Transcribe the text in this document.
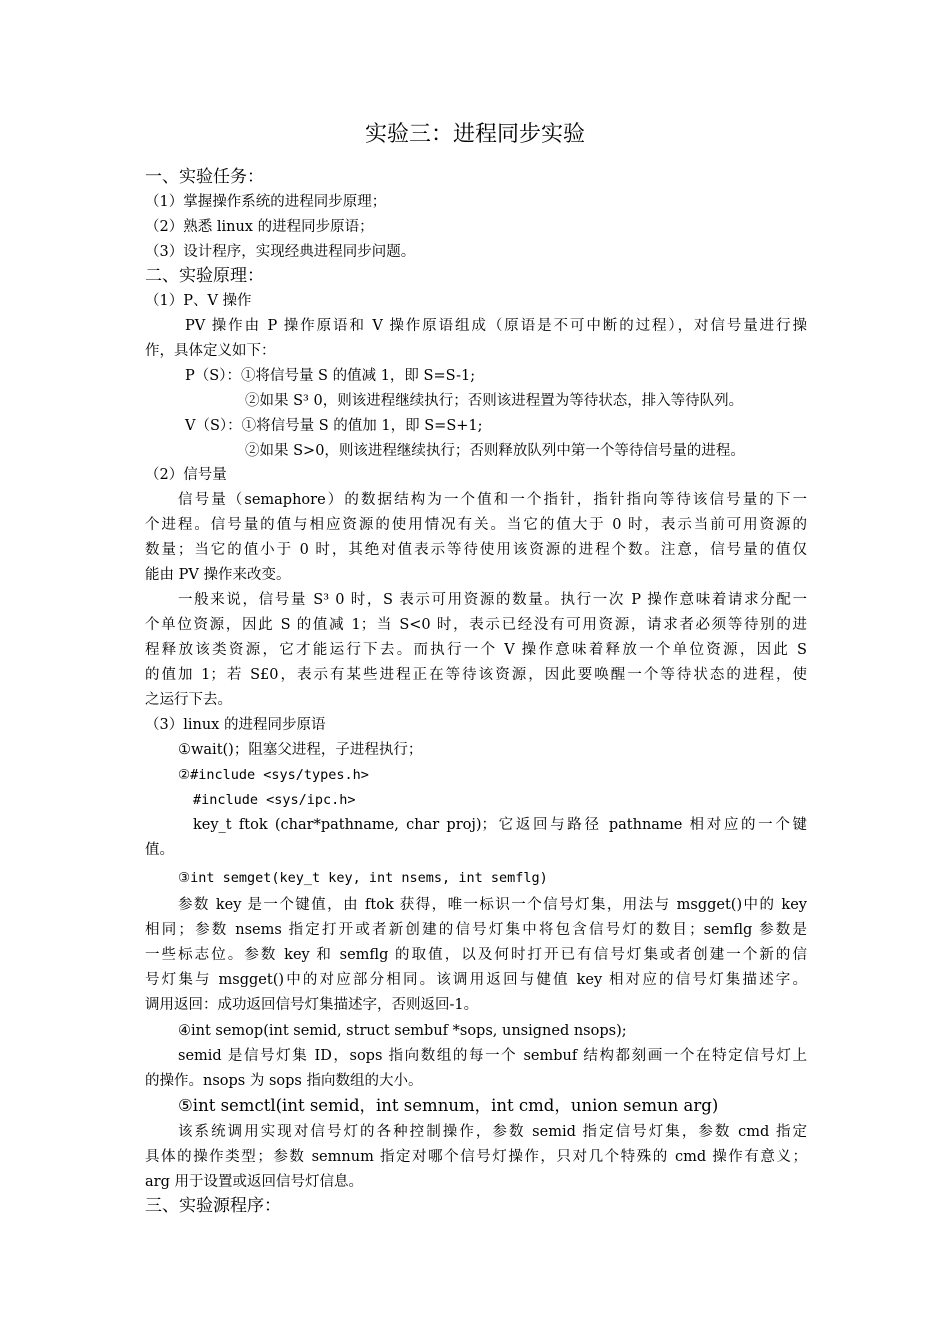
实验三：进程同步实验
一、实验任务：
（1）掌握操作系统的进程同步原理；
（2）熟悉 linux 的进程同步原语；
（3）设计程序，实现经典进程同步问题。
二、实验原理：
（1）P、V 操作
PV 操作由 P 操作原语和 V 操作原语组成（原语是不可中断的过程），对信号量进行操
作，具体定义如下：
P（S）：①将信号量 S 的值减 1，即 S=S-1;
②如果 S³ 0，则该进程继续执行；否则该进程置为等待状态，排入等待队列。
V（S）：①将信号量 S 的值加 1，即 S=S+1;
②如果 S>0，则该进程继续执行；否则释放队列中第一个等待信号量的进程。
（2）信号量
信号量（semaphore）的数据结构为一个值和一个指针，指针指向等待该信号量的下一
个进程。信号量的值与相应资源的使用情况有关。当它的值大于 0 时，表示当前可用资源的
数量；当它的值小于 0 时，其绝对值表示等待使用该资源的进程个数。注意，信号量的值仅
能由 PV 操作来改变。
一般来说，信号量 S³ 0 时，S 表示可用资源的数量。执行一次 P 操作意味着请求分配一
个单位资源，因此 S 的值减 1；当 S<0 时，表示已经没有可用资源，请求者必须等待别的进
程释放该类资源，它才能运行下去。而执行一个 V 操作意味着释放一个单位资源，因此 S
的值加 1；若 S£0，表示有某些进程正在等待该资源，因此要唤醒一个等待状态的进程，使
之运行下去。
（3）linux 的进程同步原语
①wait()；阻塞父进程，子进程执行；
②#include <sys/types.h>
#include <sys/ipc.h>
key_t ftok (char*pathname, char proj)；它返回与路径 pathname 相对应的一个键
值。
③int semget(key_t key, int nsems, int semflg)
参数 key 是一个键值，由 ftok 获得，唯一标识一个信号灯集，用法与 msgget()中的 key
相同；参数 nsems 指定打开或者新创建的信号灯集中将包含信号灯的数目；semflg 参数是
一些标志位。参数 key 和 semflg 的取值，以及何时打开已有信号灯集或者创建一个新的信
号灯集与 msgget()中的对应部分相同。该调用返回与健值 key 相对应的信号灯集描述字。
调用返回：成功返回信号灯集描述字，否则返回-1。
④int semop(int semid, struct sembuf *sops, unsigned nsops);
semid 是信号灯集 ID，sops 指向数组的每一个 sembuf 结构都刻画一个在特定信号灯上
的操作。nsops 为 sops 指向数组的大小。
⑤int semctl(int semid，int semnum，int cmd，union semun arg)
该系统调用实现对信号灯的各种控制操作，参数 semid 指定信号灯集，参数 cmd 指定
具体的操作类型；参数 semnum 指定对哪个信号灯操作，只对几个特殊的 cmd 操作有意义；
arg 用于设置或返回信号灯信息。
三、实验源程序：
